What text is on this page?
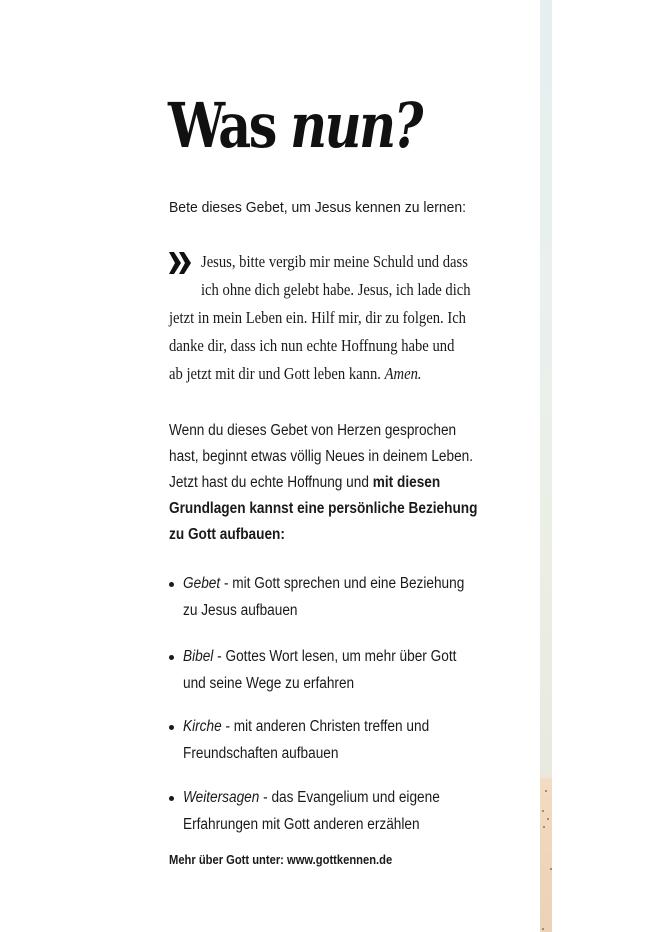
Was nun?
Bete dieses Gebet, um Jesus kennen zu lernen:
Jesus, bitte vergib mir meine Schuld und dass
ich ohne dich gelebt habe. Jesus, ich lade dich
jetzt in mein Leben ein. Hilf mir, dir zu folgen. Ich
danke dir, dass ich nun echte Hoffnung habe und
ab jetzt mit dir und Gott leben kann. Amen.
Wenn du dieses Gebet von Herzen gesprochen
hast, beginnt etwas völlig Neues in deinem Leben.
Jetzt hast du echte Hoffnung und mit diesen
Grundlagen kannst eine persönliche Beziehung
zu Gott aufbauen:
Gebet - mit Gott sprechen und eine Beziehung
zu Jesus aufbauen
Bibel - Gottes Wort lesen, um mehr über Gott
und seine Wege zu erfahren
Kirche - mit anderen Christen treffen und
Freundschaften aufbauen
Weitersagen - das Evangelium und eigene
Erfahrungen mit Gott anderen erzählen
Mehr über Gott unter: www.gottkennen.de
